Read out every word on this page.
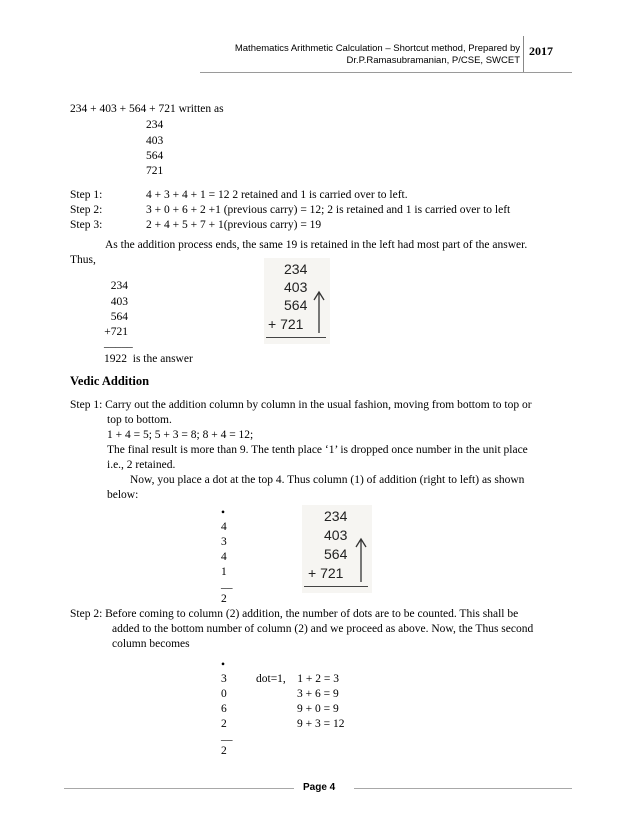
Mathematics Arithmetic Calculation – Shortcut method, Prepared by
Dr.P.Ramasubramanian, P/CSE, SWCET
2017
234 + 403 + 564 + 721 written as
234
403
564
721
Step 1:	4 + 3 + 4 + 1 = 12 2 retained and 1 is carried over to left.
Step 2:	3 + 0 + 6 + 2 +1 (previous carry) = 12; 2 is retained and 1 is carried over to left
Step 3:	2 + 4 + 5 + 7 + 1(previous carry) = 19
As the addition process ends, the same 19 is retained in the left had most part of the answer.
Thus,
234
403
564
+721
_____
1922  is the answer
234
403
564
+ 721
Vedic Addition
Step 1: Carry out the addition column by column in the usual fashion, moving from bottom to top or
top to bottom.
1 + 4 = 5; 5 + 3 = 8; 8 + 4 = 12;
The final result is more than 9. The tenth place ‘1’ is dropped once number in the unit place
i.e., 2 retained.
Now, you place a dot at the top 4. Thus column (1) of addition (right to left) as shown
below:
•
4
3
4
1
__
2
234
403
564
+ 721
Step 2: Before coming to column (2) addition, the number of dots are to be counted. This shall be
added to the bottom number of column (2) and we proceed as above. Now, the Thus second
column becomes
•
3
0
6
2
__
2
dot=1,    1 + 2 = 3
3 + 6 = 9
9 + 0 = 9
9 + 3 = 12
Page 4
